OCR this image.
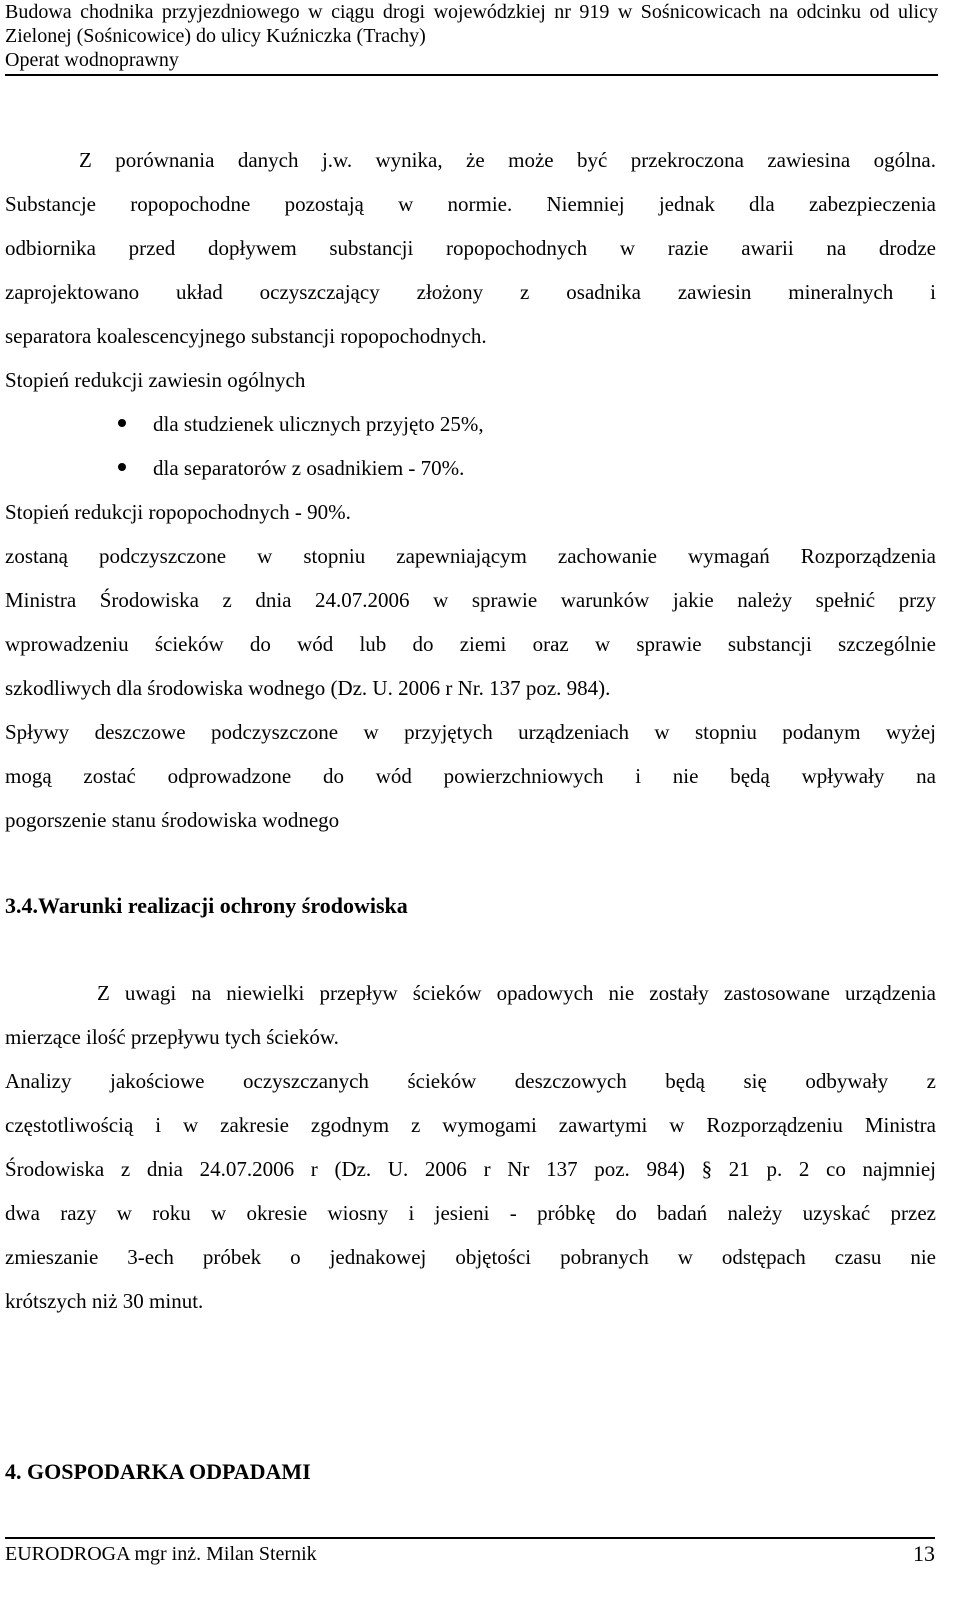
Budowa chodnika przyjezdniowego w ciągu drogi wojewódzkiej nr 919 w Sośnicowicach na odcinku od ulicy
Zielonej (Sośnicowice) do ulicy Kuźniczka (Trachy)
Operat wodnoprawny
Z porównania danych j.w. wynika, że może być przekroczona zawiesina ogólna.
Substancje ropopochodne pozostają w normie. Niemniej jednak dla zabezpieczenia
odbiornika przed dopływem substancji ropopochodnych w razie awarii na drodze
zaprojektowano układ oczyszczający złożony z osadnika zawiesin mineralnych i
separatora koalescencyjnego substancji ropopochodnych.
Stopień redukcji zawiesin ogólnych
dla studzienek ulicznych przyjęto 25%,
dla separatorów z osadnikiem - 70%.
Stopień redukcji ropopochodnych - 90%.
zostaną podczyszczone w stopniu zapewniającym zachowanie wymagań Rozporządzenia
Ministra Środowiska z dnia 24.07.2006 w sprawie warunków jakie należy spełnić przy
wprowadzeniu ścieków do wód lub do ziemi oraz w sprawie substancji szczególnie
szkodliwych dla środowiska wodnego (Dz. U. 2006 r Nr. 137 poz. 984).
Spływy deszczowe podczyszczone w przyjętych urządzeniach w stopniu podanym wyżej
mogą zostać odprowadzone do wód powierzchniowych i nie będą wpływały na
pogorszenie stanu środowiska wodnego
3.4.Warunki realizacji ochrony środowiska
Z uwagi na niewielki przepływ ścieków opadowych nie zostały zastosowane urządzenia
mierzące ilość przepływu tych ścieków.
Analizy jakościowe oczyszczanych ścieków deszczowych będą się odbywały z
częstotliwością i w zakresie zgodnym z wymogami zawartymi w Rozporządzeniu Ministra
Środowiska z dnia 24.07.2006 r (Dz. U. 2006 r Nr 137 poz. 984) § 21 p. 2 co najmniej
dwa razy w roku w okresie wiosny i jesieni - próbkę do badań należy uzyskać przez
zmieszanie 3-ech próbek o jednakowej objętości pobranych w odstępach czasu nie
krótszych niż 30 minut.
4. GOSPODARKA ODPADAMI
EURODROGA mgr inż. Milan Sternik	13
